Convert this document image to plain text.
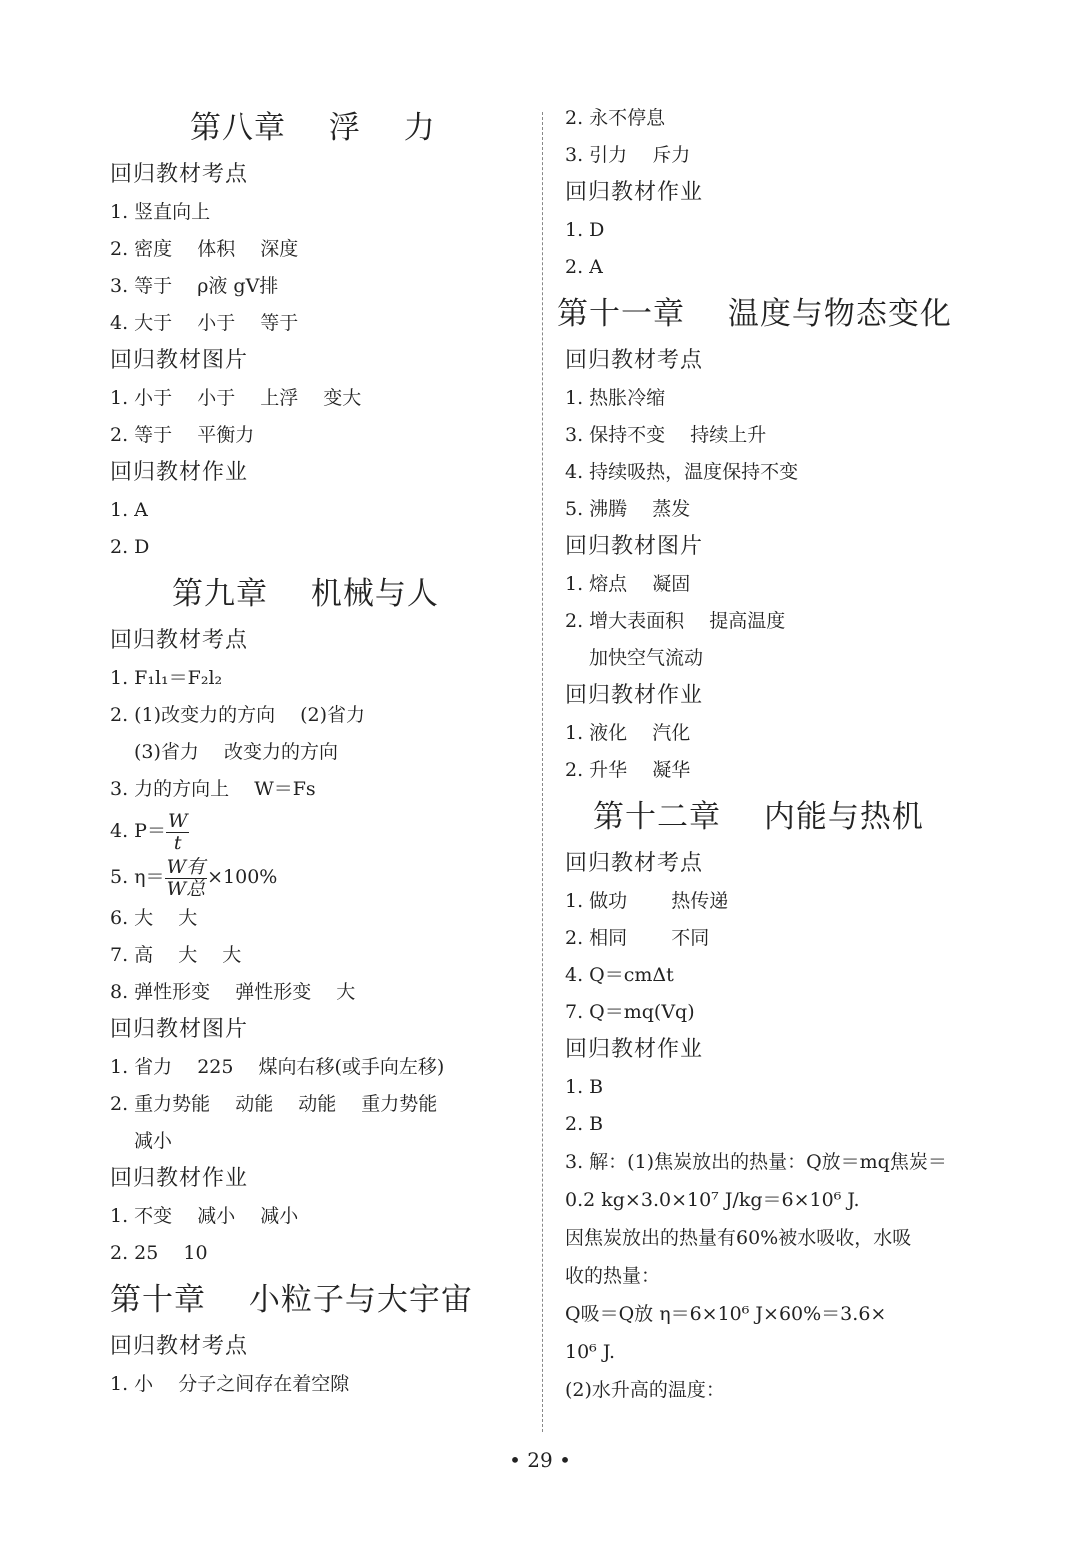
第八章　 浮　 力
回归教材考点
1. 竖直向上
2. 密度　 体积　 深度
3. 等于　 ρ液 gV排
4. 大于　 小于　 等于
回归教材图片
1. 小于　 小于　 上浮　 变大
2. 等于　 平衡力
回归教材作业
1. A
2. D
第九章　 机械与人
回归教材考点
1. F₁l₁＝F₂l₂
2. (1)改变力的方向　 (2)省力
(3)省力　 改变力的方向
3. 力的方向上　 W＝Fs
4. $P= \frac{W}{t}$
5. η＝ W有
W总
×100%
6. 大　 大
7. 高　 大　 大
8. 弹性形变　 弹性形变　 大
回归教材图片
1. 省力　 225　 煤向右移(或手向左移)
2. 重力势能　 动能　 动能　 重力势能
减小
回归教材作业
1. 不变　 减小　 减小
2. 25　 10
第十章　 小粒子与大宇宙
回归教材考点
1. 小　 分子之间存在着空隙
2. 永不停息
3. 引力　 斥力
回归教材作业
1. D
2. A
第十一章　 温度与物态变化
回归教材考点
1. 热胀冷缩
3. 保持不变　 持续上升
4. 持续吸热，温度保持不变
5. 沸腾　 蒸发
回归教材图片
1. 熔点　 凝固
2. 增大表面积　 提高温度
加快空气流动
回归教材作业
1. 液化　 汽化
2. 升华　 凝华
第十二章　 内能与热机
回归教材考点
1. 做功　　 热传递
2. 相同　　 不同
4. Q＝cmΔt
7. Q＝mq(Vq)
回归教材作业
1. B
2. B
3. 解：(1)焦炭放出的热量：Q放＝mq焦炭＝
0.2 kg×3.0×10⁷ J/kg＝6×10⁶ J.
因焦炭放出的热量有60%被水吸收，水吸
收的热量：
Q吸＝Q放 η＝6×10⁶ J×60%＝3.6×
10⁶ J.
(2)水升高的温度：
• 29 •
